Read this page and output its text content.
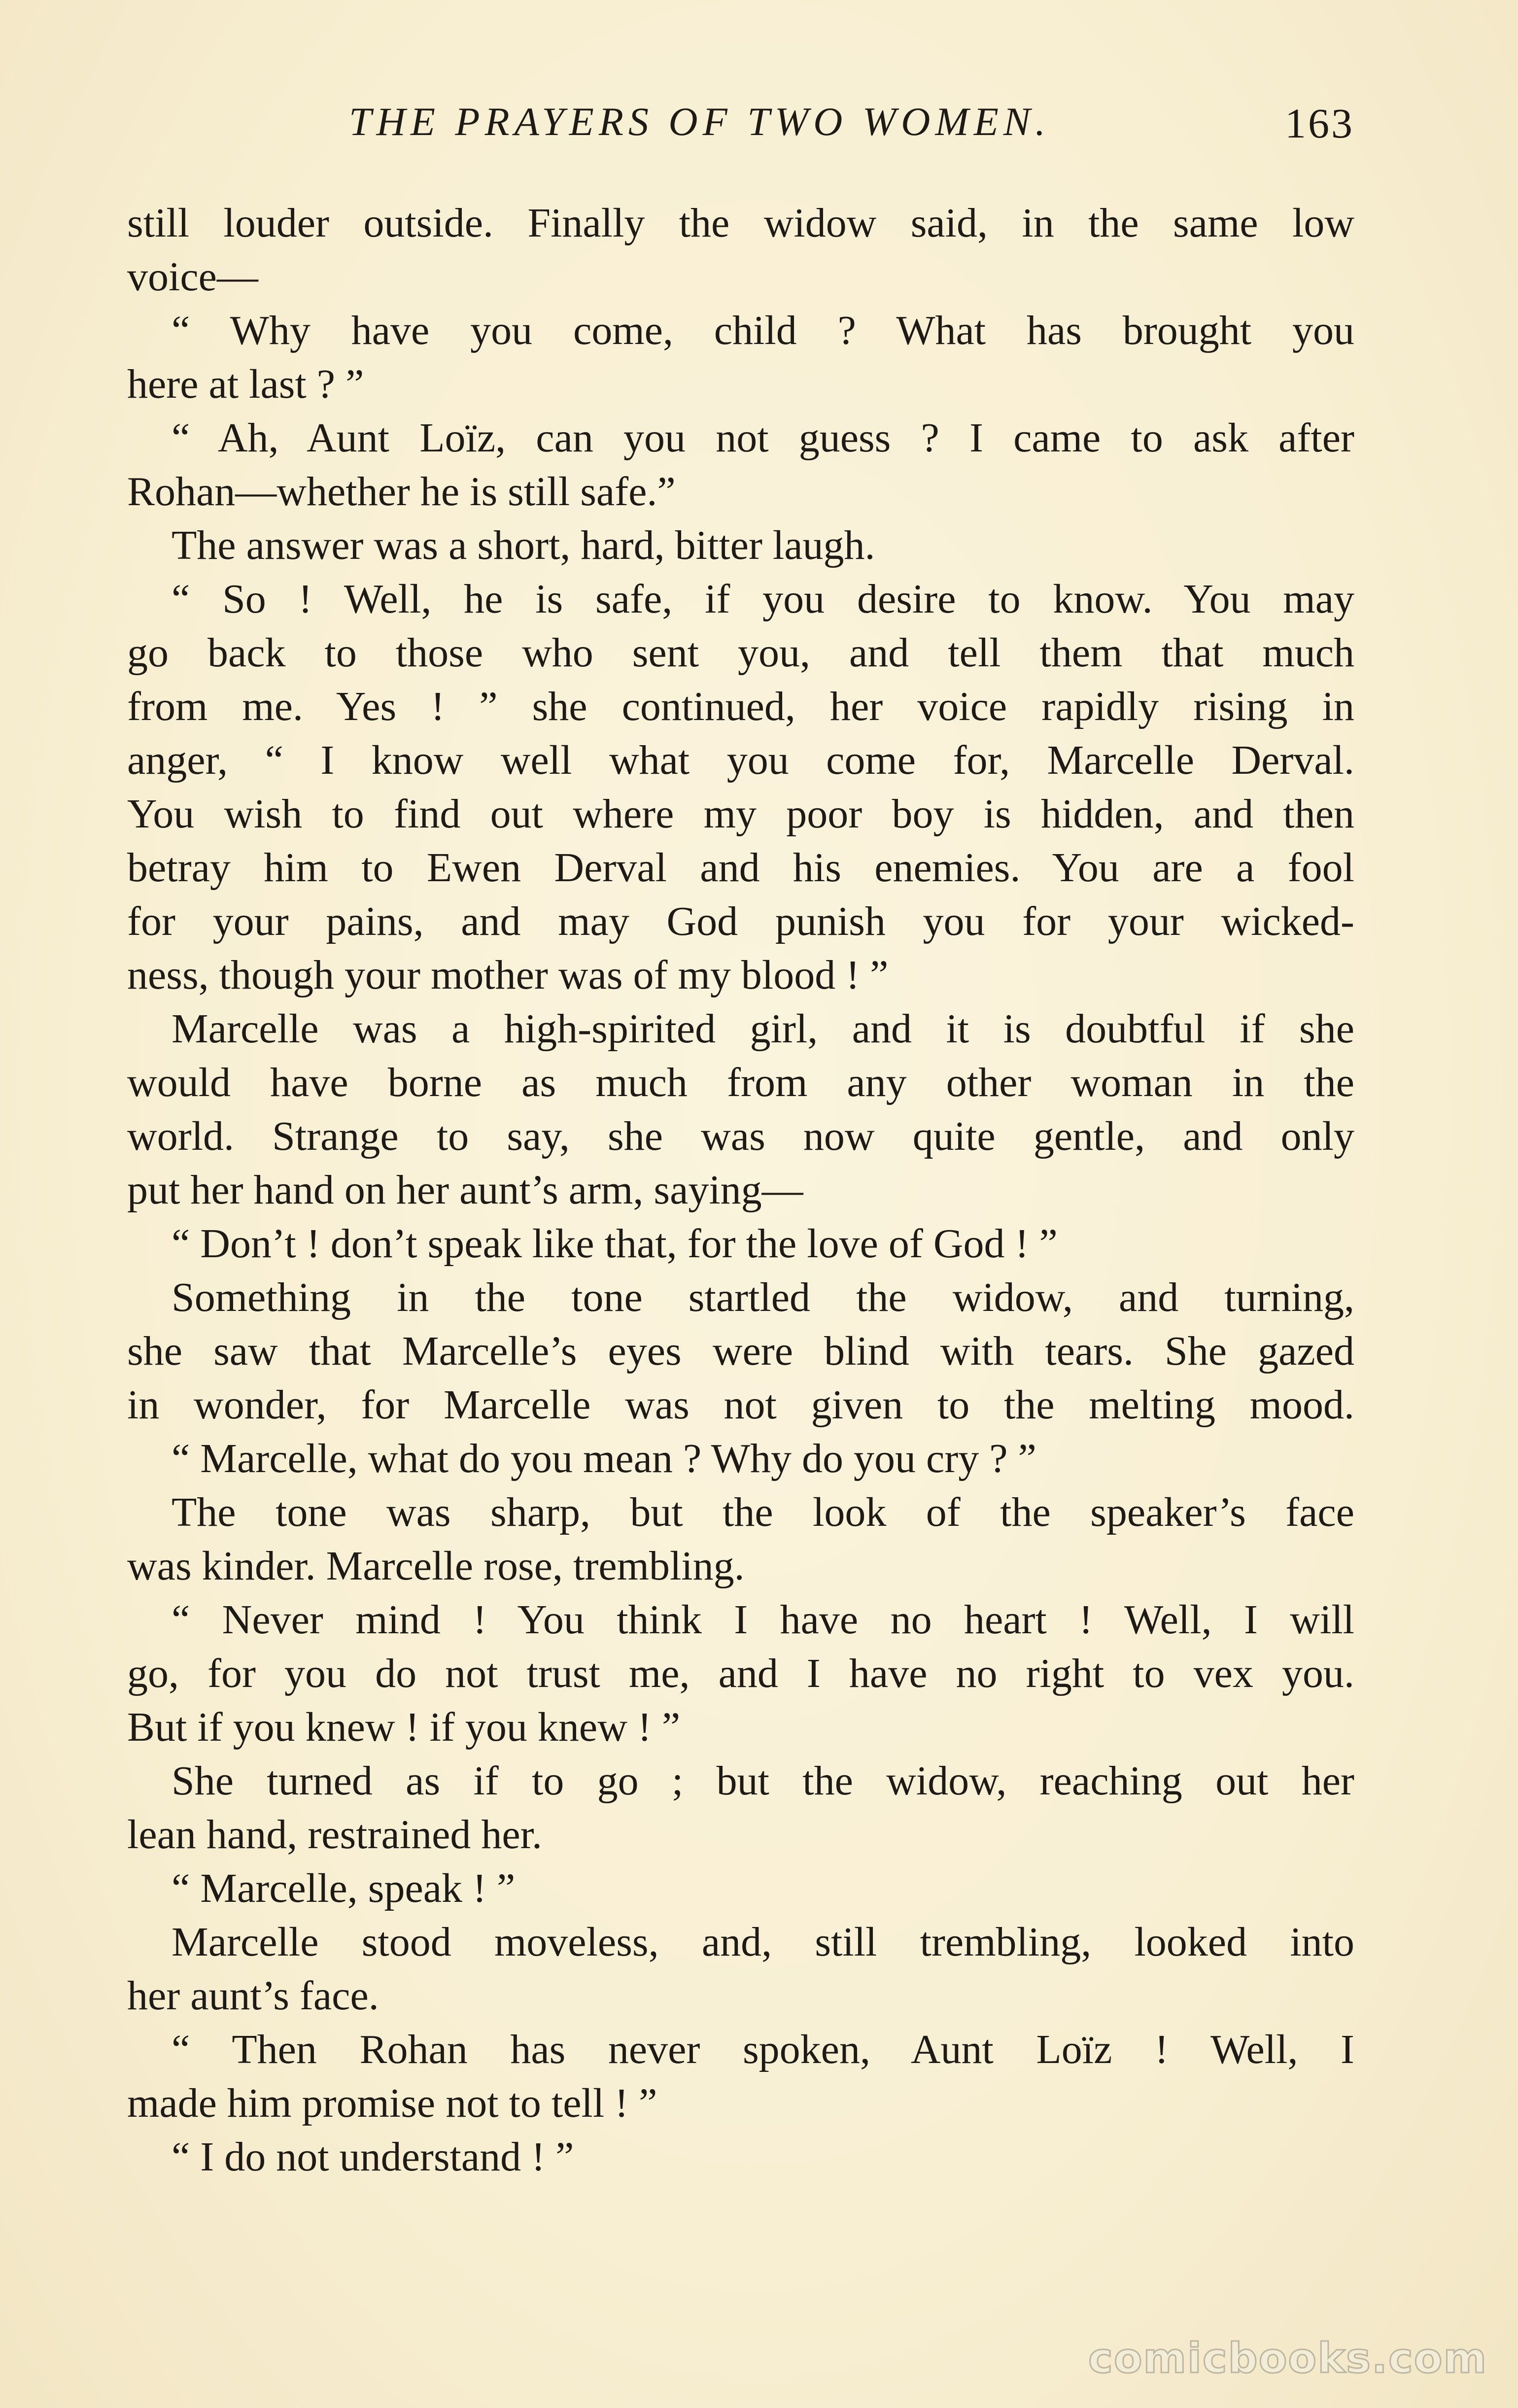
THE PRAYERS OF TWO WOMEN.	163
still louder outside. Finally the widow said, in the same low
voice—
“ Why have you come, child ? What has brought you
here at last ? ”
“ Ah, Aunt Loïz, can you not guess ? I came to ask after
Rohan—whether he is still safe.”
The answer was a short, hard, bitter laugh.
“ So ! Well, he is safe, if you desire to know. You may
go back to those who sent you, and tell them that much
from me. Yes ! ” she continued, her voice rapidly rising in
anger, “ I know well what you come for, Marcelle Derval.
You wish to find out where my poor boy is hidden, and then
betray him to Ewen Derval and his enemies. You are a fool
for your pains, and may God punish you for your wicked-
ness, though your mother was of my blood ! ”
Marcelle was a high-spirited girl, and it is doubtful if she
would have borne as much from any other woman in the
world. Strange to say, she was now quite gentle, and only
put her hand on her aunt’s arm, saying—
“ Don’t ! don’t speak like that, for the love of God ! ”
Something in the tone startled the widow, and turning,
she saw that Marcelle’s eyes were blind with tears. She gazed
in wonder, for Marcelle was not given to the melting mood.
“ Marcelle, what do you mean ? Why do you cry ? ”
The tone was sharp, but the look of the speaker’s face
was kinder. Marcelle rose, trembling.
“ Never mind ! You think I have no heart ! Well, I will
go, for you do not trust me, and I have no right to vex you.
But if you knew ! if you knew ! ”
She turned as if to go ; but the widow, reaching out her
lean hand, restrained her.
“ Marcelle, speak ! ”
Marcelle stood moveless, and, still trembling, looked into
her aunt’s face.
“ Then Rohan has never spoken, Aunt Loïz ! Well, I
made him promise not to tell ! ”
“ I do not understand ! ”
comicbooks.com
